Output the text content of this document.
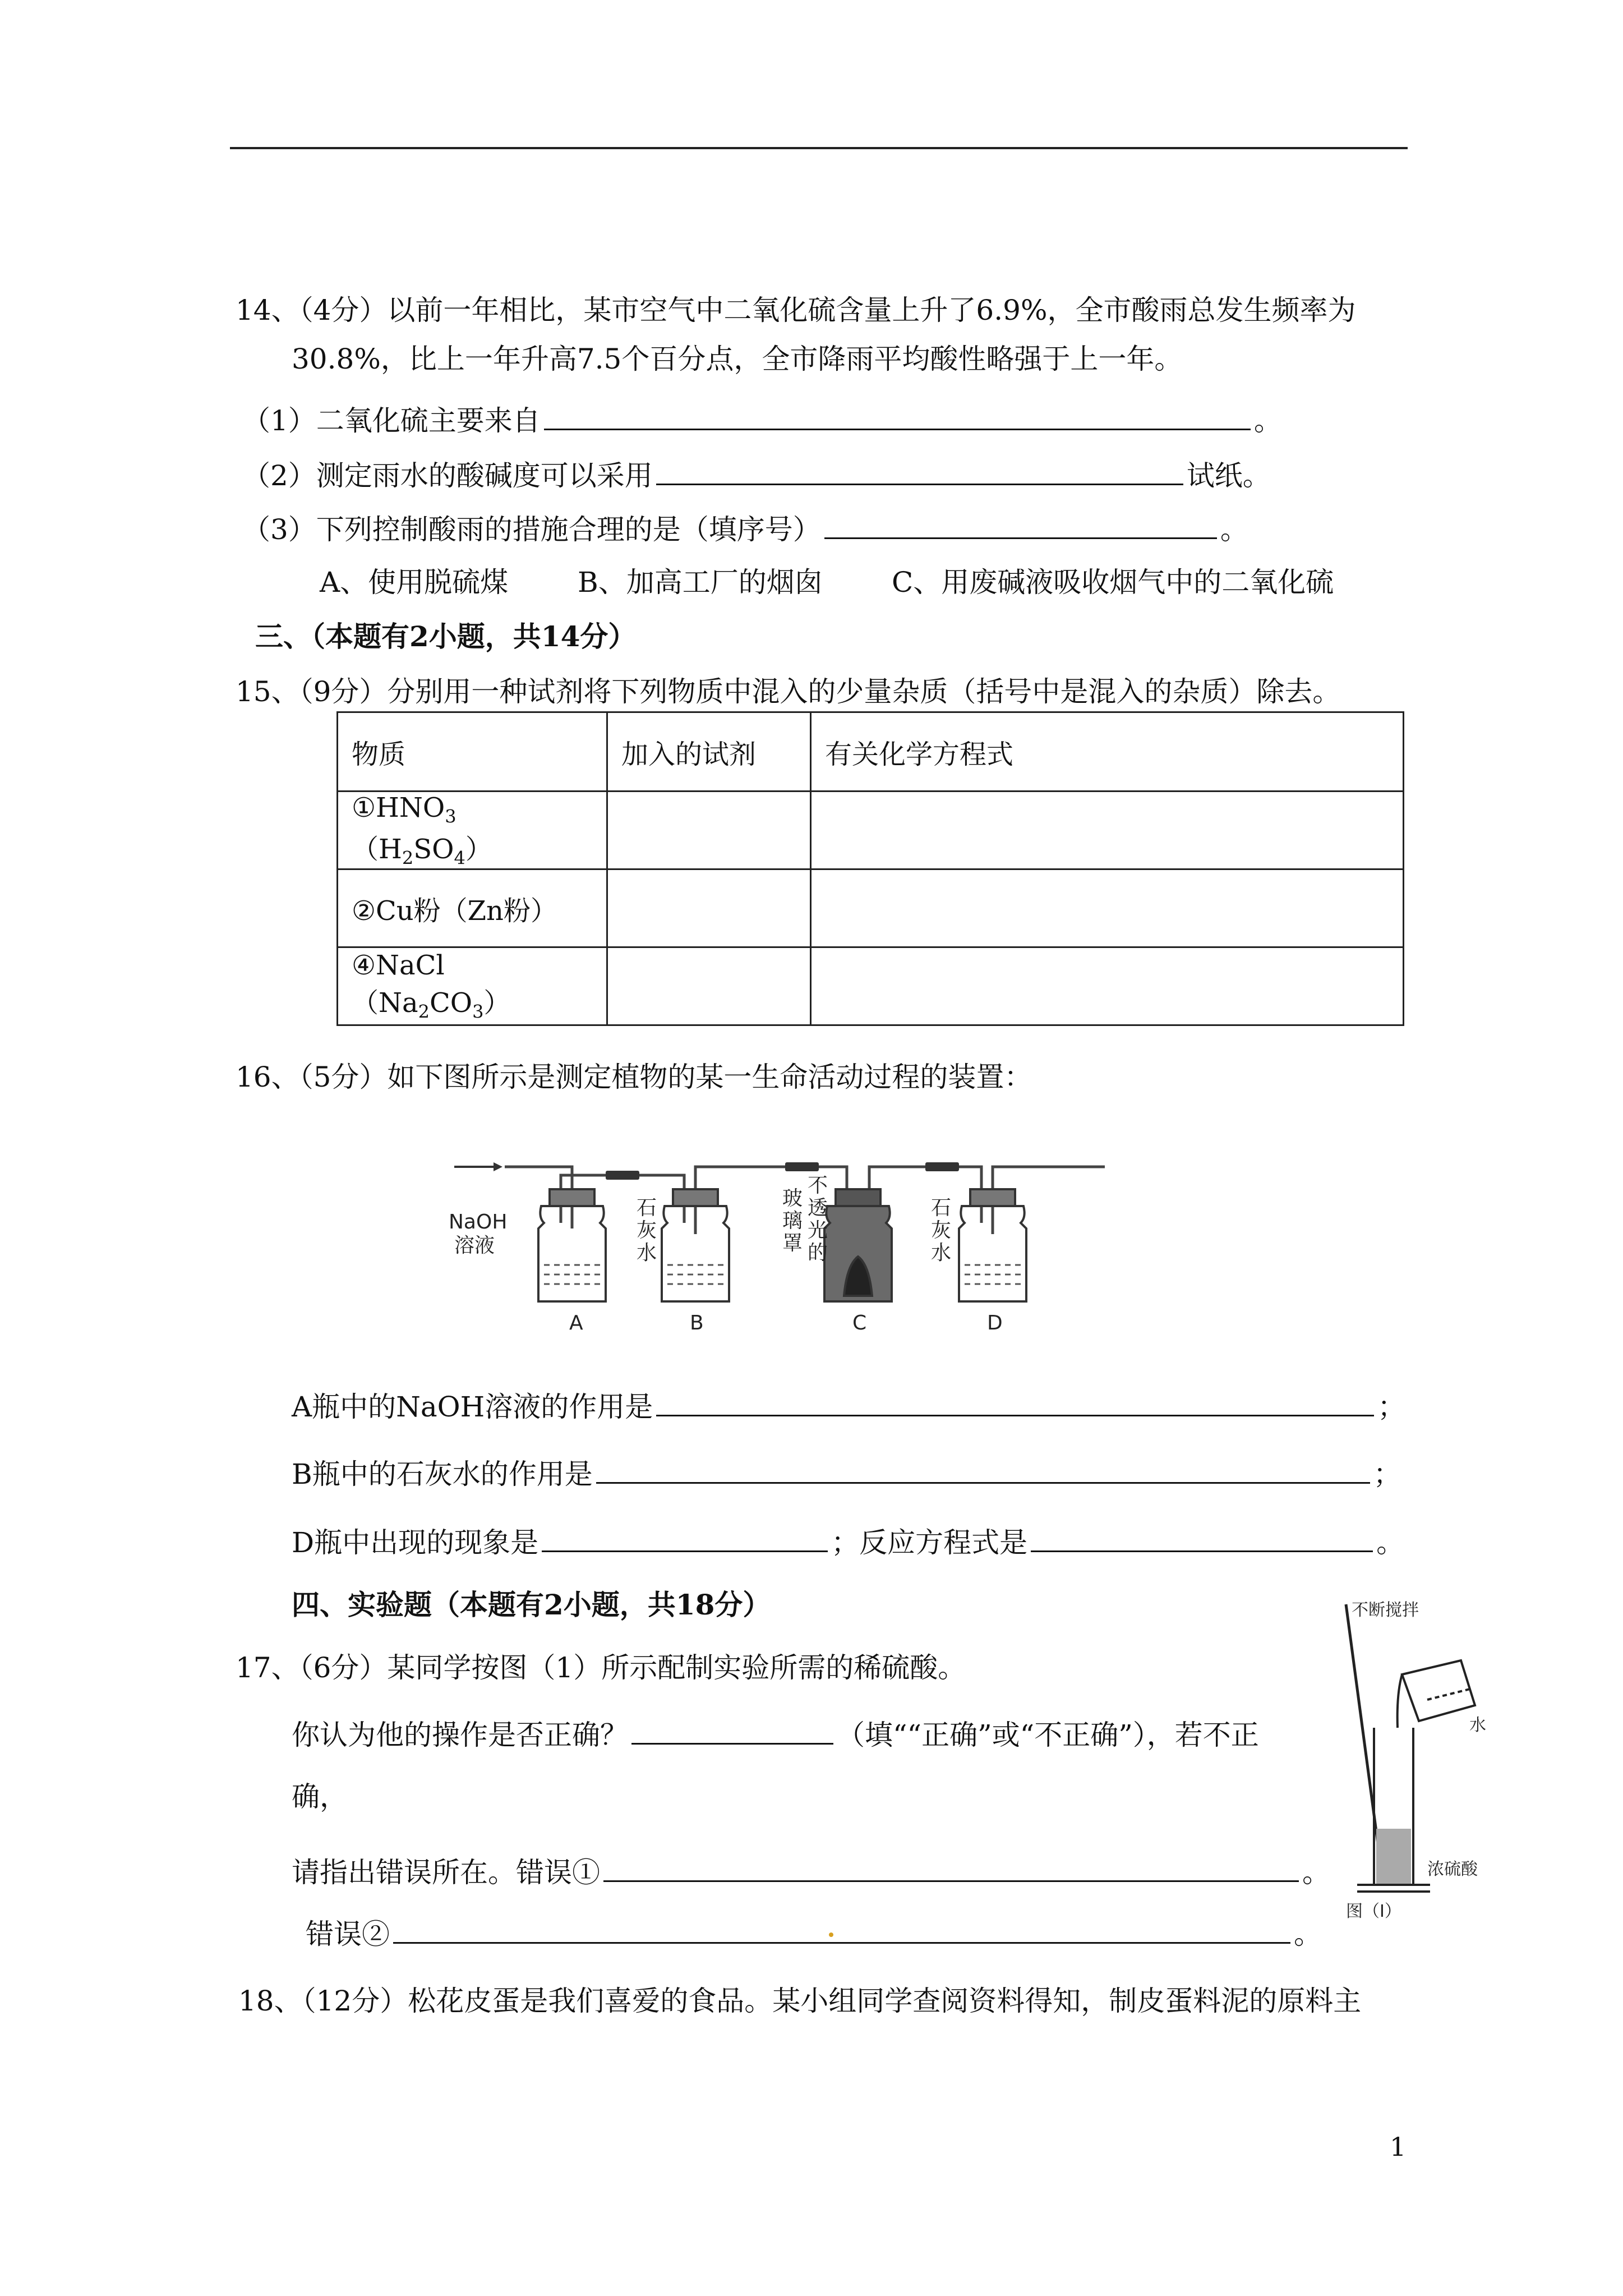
14、（4分）以前一年相比，某市空气中二氧化硫含量上升了6.9%，全市酸雨总发生频率为
30.8%，比上一年升高7.5个百分点，全市降雨平均酸性略强于上一年。
（1）二氧化硫主要来自	。
（2）测定雨水的酸碱度可以采用	试纸。
（3）下列控制酸雨的措施合理的是（填序号）	。
A、使用脱硫煤 B、加高工厂的烟囱 C、用废碱液吸收烟气中的二氧化硫
三、（本题有2小题，共14分）
15、（9分）分别用一种试剂将下列物质中混入的少量杂质（括号中是混入的杂质）除去。
物质	加入的试剂	有关化学方程式
$①HNO_3(H_2SO_4)$		
②Cu粉（Zn粉）		
$④NaCl(Na_2CO_3)$		
16、（5分）如下图所示是测定植物的某一生命活动过程的装置：
NaOH
溶液
石
灰
水
玻
璃
罩
不
透
光
的
石
灰
水
A	B	C	D
A瓶中的NaOH溶液的作用是	；
B瓶中的石灰水的作用是	；
D瓶中出现的现象是	；反应方程式是	。
四、实验题（本题有2小题，共18分）
17、（6分）某同学按图（1）所示配制实验所需的稀硫酸。
你认为他的操作是否正确？	（填““正确”或“不正确”），若不正
确，
请指出错误所在。错误①	。
错误②	。
不断搅拌
水
浓硫酸
图（Ⅰ）
18、（12分）松花皮蛋是我们喜爱的食品。某小组同学查阅资料得知，制皮蛋料泥的原料主
1
